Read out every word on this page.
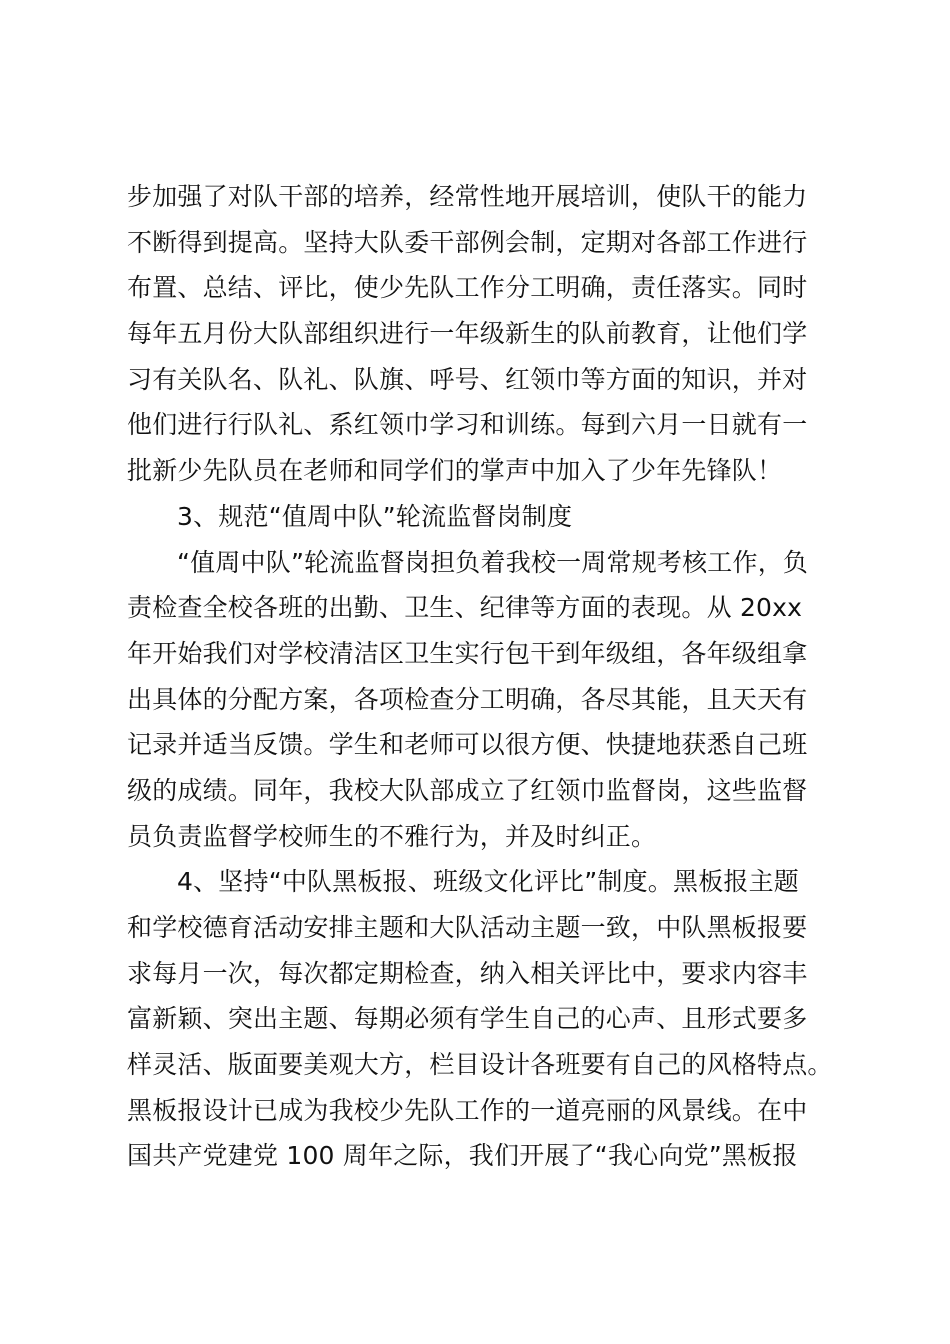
步加强了对队干部的培养，经常性地开展培训，使队干的能力
不断得到提高。坚持大队委干部例会制，定期对各部工作进行
布置、总结、评比，使少先队工作分工明确，责任落实。同时
每年五月份大队部组织进行一年级新生的队前教育，让他们学
习有关队名、队礼、队旗、呼号、红领巾等方面的知识，并对
他们进行行队礼、系红领巾学习和训练。每到六月一日就有一
批新少先队员在老师和同学们的掌声中加入了少年先锋队！
3、规范“值周中队”轮流监督岗制度
“值周中队”轮流监督岗担负着我校一周常规考核工作，负
责检查全校各班的出勤、卫生、纪律等方面的表现。从 20xx
年开始我们对学校清洁区卫生实行包干到年级组，各年级组拿
出具体的分配方案，各项检查分工明确，各尽其能，且天天有
记录并适当反馈。学生和老师可以很方便、快捷地获悉自己班
级的成绩。同年，我校大队部成立了红领巾监督岗，这些监督
员负责监督学校师生的不雅行为，并及时纠正。
4、坚持“中队黑板报、班级文化评比”制度。黑板报主题
和学校德育活动安排主题和大队活动主题一致，中队黑板报要
求每月一次，每次都定期检查，纳入相关评比中，要求内容丰
富新颖、突出主题、每期必须有学生自己的心声、且形式要多
样灵活、版面要美观大方，栏目设计各班要有自己的风格特点。
黑板报设计已成为我校少先队工作的一道亮丽的风景线。在中
国共产党建党 100 周年之际，我们开展了“我心向党”黑板报
